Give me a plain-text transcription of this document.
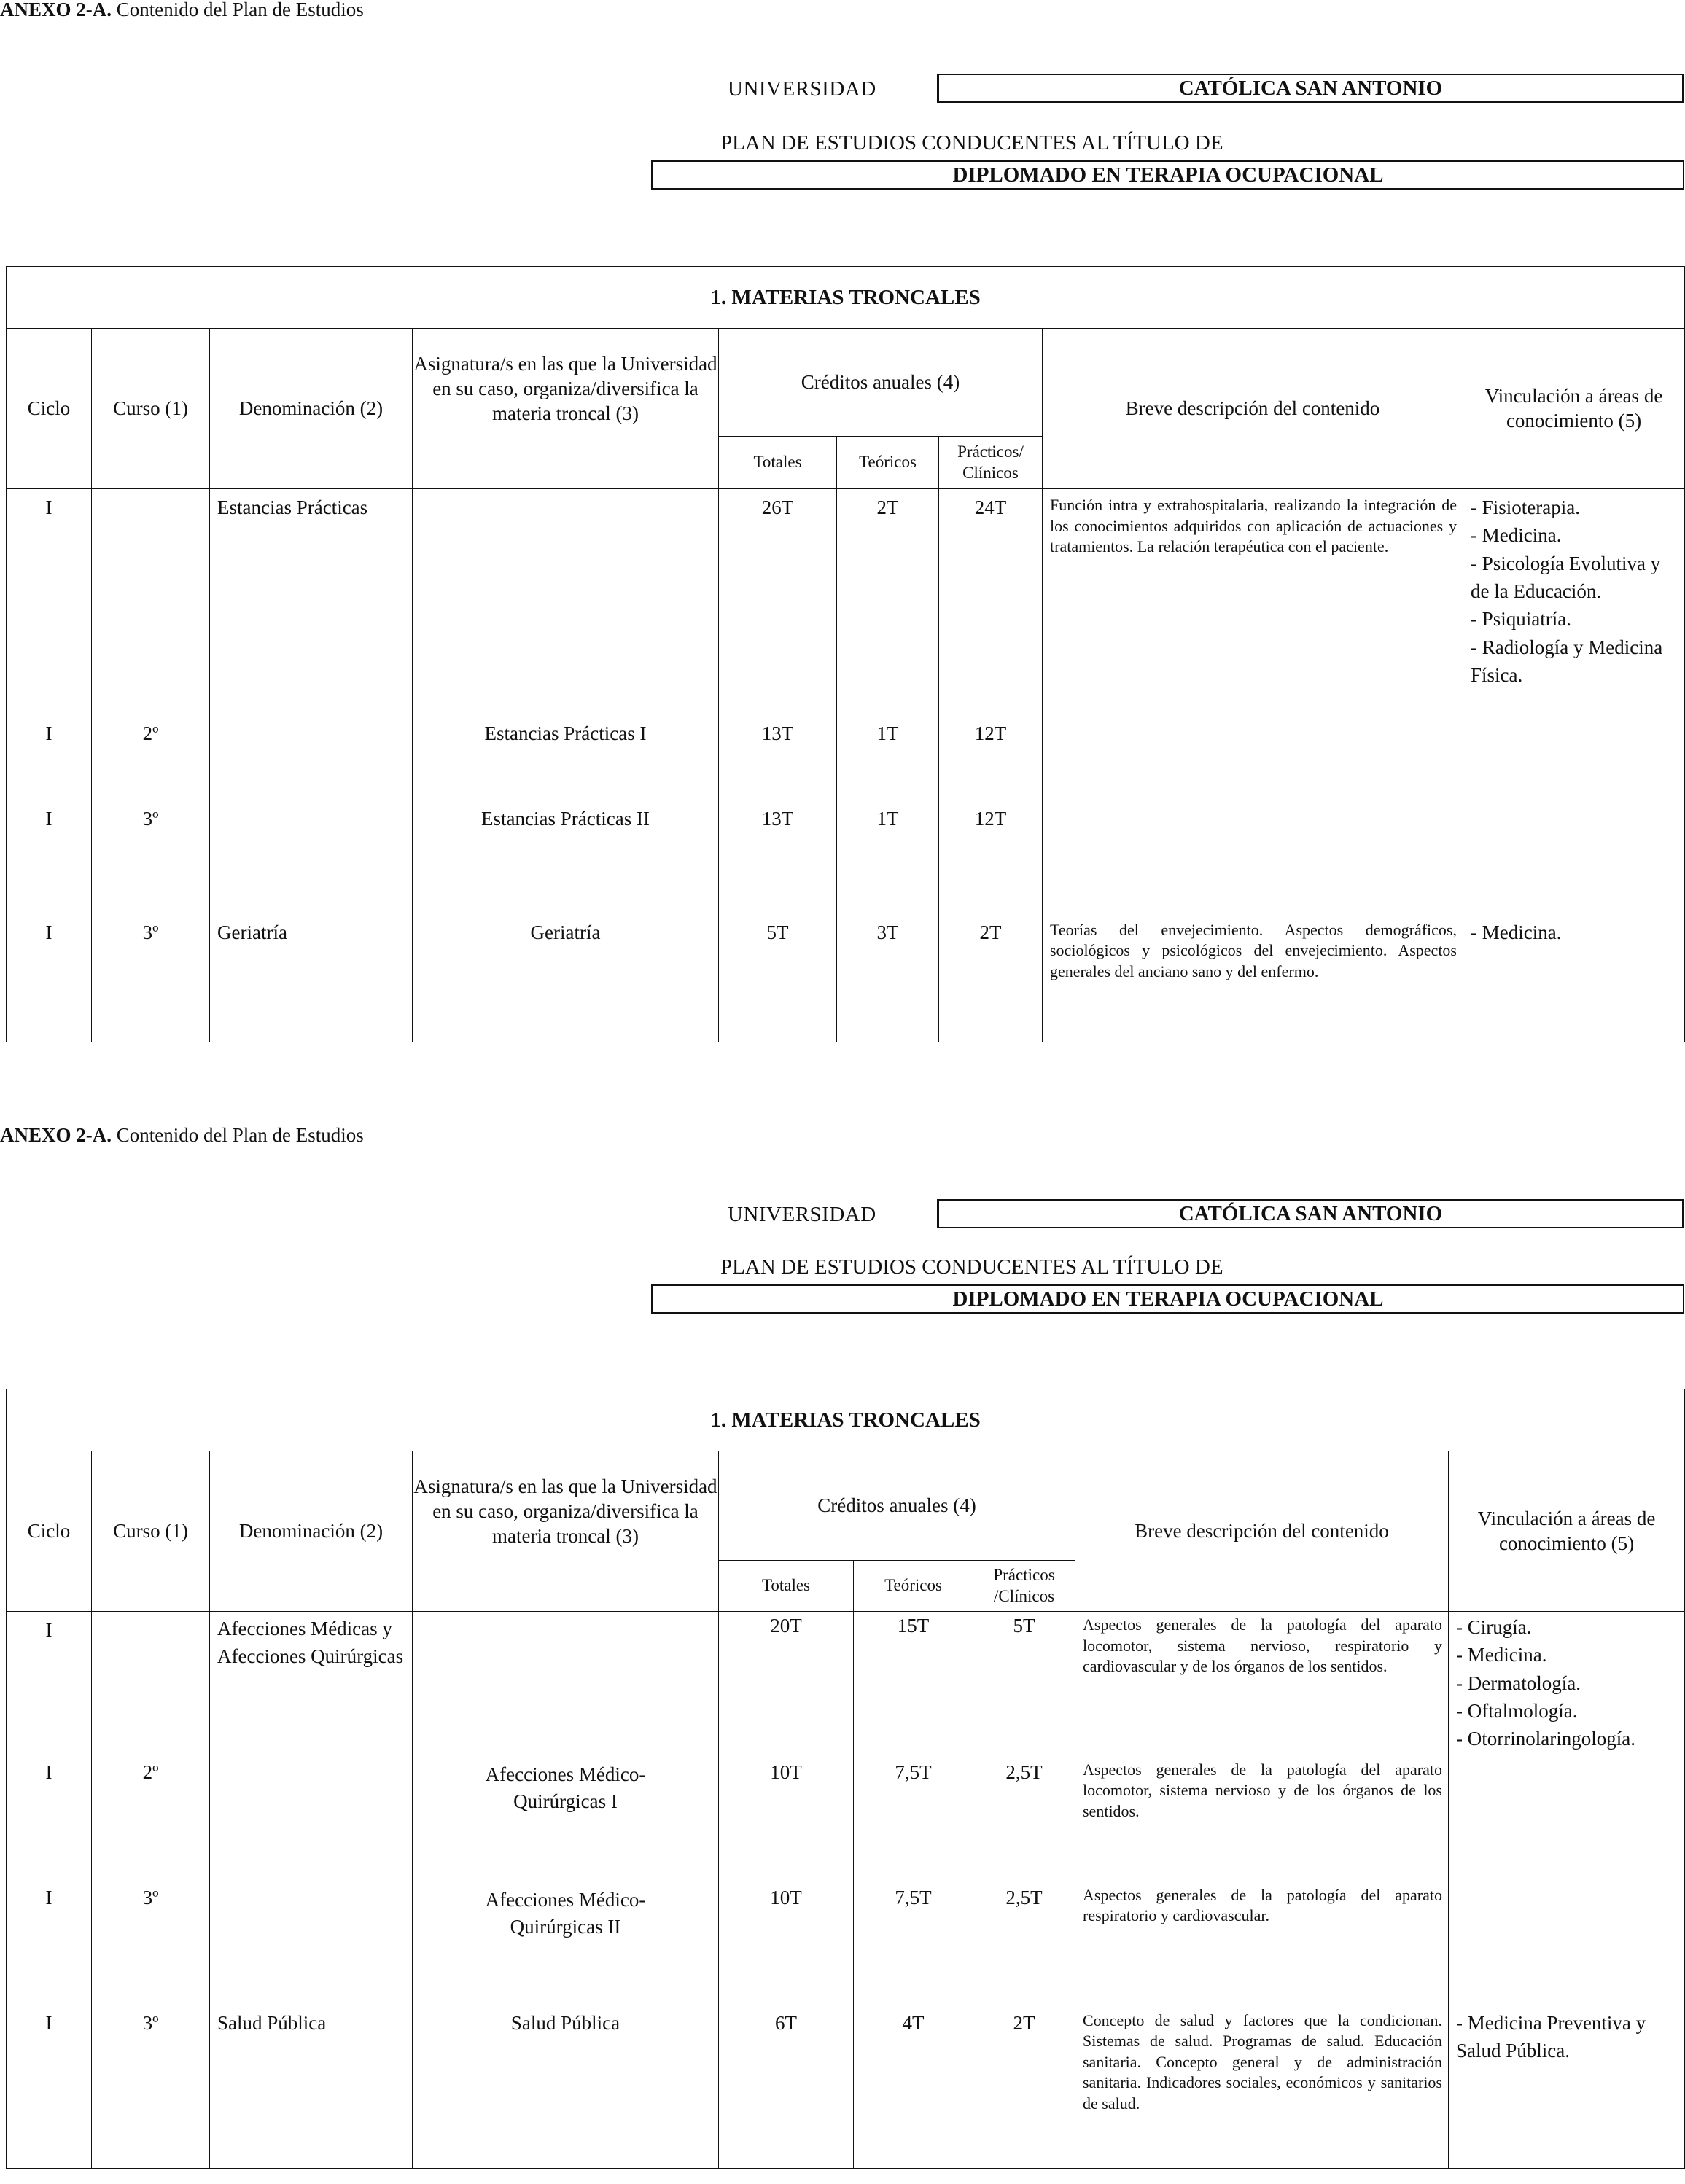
ANEXO 2-A. Contenido del Plan de Estudios
UNIVERSIDAD	CATÓLICA SAN ANTONIO
PLAN DE ESTUDIOS CONDUCENTES AL TÍTULO DE
DIPLOMADO EN TERAPIA OCUPACIONAL
1. MATERIAS TRONCALES								
Ciclo	Curso (1)	Denominación (2)	Asignatura/s en las que la Universidad en su caso, organiza/diversifica la materia troncal (3)	Créditos anuales (4)			Breve descripción del contenido	Vinculación a áreas de conocimiento (5)
				Totales	Teóricos	Prácticos/ Clínicos		
I		Estancias Prácticas		26T	2T	24T	Función intra y extrahospitalaria, realizando la integración de los conocimientos adquiridos con aplicación de actuaciones y tratamientos. La relación terapéutica con el paciente.	- Fisioterapia.
- Medicina.
- Psicología Evolutiva y de la Educación.
- Psiquiatría.
- Radiología y Medicina Física.

I	2º		Estancias Prácticas I	13T	1T	12T		
I	3º		Estancias Prácticas II	13T	1T	12T		
I	3º	Geriatría	Geriatría	5T	3T	2T	Teorías del envejecimiento. Aspectos demográficos, sociológicos y psicológicos del envejecimiento. Aspectos generales del anciano sano y del enfermo.	- Medicina.
ANEXO 2-A. Contenido del Plan de Estudios
UNIVERSIDAD	CATÓLICA SAN ANTONIO
PLAN DE ESTUDIOS CONDUCENTES AL TÍTULO DE
DIPLOMADO EN TERAPIA OCUPACIONAL
1. MATERIAS TRONCALES								
Ciclo	Curso (1)	Denominación (2)	Asignatura/s en las que la Universidad en su caso, organiza/diversifica la materia troncal (3)	Créditos anuales (4)			Breve descripción del contenido	Vinculación a áreas de conocimiento (5)
				Totales	Teóricos	Prácticos /Clínicos		
I		Afecciones Médicas y Afecciones Quirúrgicas		20T	15T	5T	Aspectos generales de la patología del aparato locomotor, sistema nervioso, respiratorio y cardiovascular y de los órganos de los sentidos.	- Cirugía.
- Medicina.
- Dermatología.
- Oftalmología.
- Otorrinolaringología.

I	2º		Afecciones Médico-Quirúrgicas I	10T	7,5T	2,5T	Aspectos generales de la patología del aparato locomotor, sistema nervioso y de los órganos de los sentidos.	
I	3º		Afecciones Médico-Quirúrgicas II	10T	7,5T	2,5T	Aspectos generales de la patología del aparato respiratorio y cardiovascular.	
I	3º	Salud Pública	Salud Pública	6T	4T	2T	Concepto de salud y factores que la condicionan. Sistemas de salud. Programas de salud. Educación sanitaria. Concepto general y de administración sanitaria. Indicadores sociales, económicos y sanitarios de salud.	- Medicina Preventiva y Salud Pública.
